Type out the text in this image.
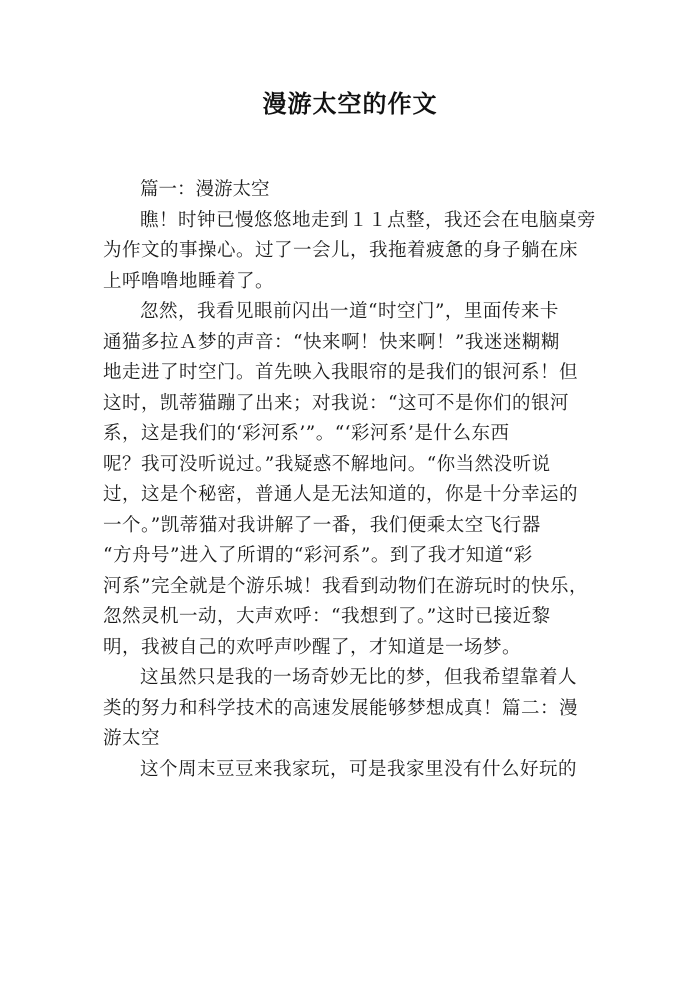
漫游太空的作文

篇一：漫游太空

瞧！时钟已慢悠悠地走到１１点整，我还会在电脑桌旁
为作文的事操心。过了一会儿，我拖着疲惫的身子躺在床
上呼噜噜地睡着了。

忽然，我看见眼前闪出一道“时空门”，里面传来卡
通猫多拉Ａ梦的声音：“快来啊！快来啊！”我迷迷糊糊
地走进了时空门。首先映入我眼帘的是我们的银河系！但
这时，凯蒂猫蹦了出来；对我说：“这可不是你们的银河
系，这是我们的‘彩河系’”。“‘彩河系’是什么东西
呢？我可没听说过。”我疑惑不解地问。“你当然没听说
过，这是个秘密，普通人是无法知道的，你是十分幸运的
一个。”凯蒂猫对我讲解了一番，我们便乘太空飞行器
“方舟号”进入了所谓的“彩河系”。到了我才知道“彩
河系”完全就是个游乐城！我看到动物们在游玩时的快乐，
忽然灵机一动，大声欢呼：“我想到了。”这时已接近黎
明，我被自己的欢呼声吵醒了，才知道是一场梦。

这虽然只是我的一场奇妙无比的梦，但我希望靠着人
类的努力和科学技术的高速发展能够梦想成真！篇二：漫
游太空

这个周末豆豆来我家玩，可是我家里没有什么好玩的
